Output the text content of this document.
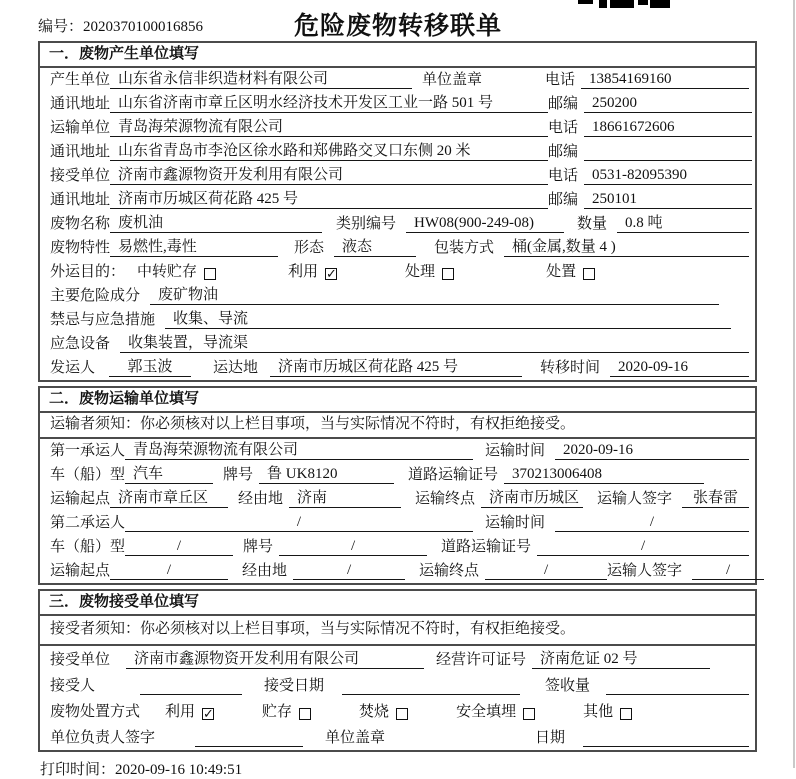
编号：2020370100016856	危险废物转移联单
一．废物产生单位填写
产生单位 山东省永信非织造材料有限公司	单位盖章	电话 13854169160
通讯地址 山东省济南市章丘区明水经济技术开发区工业一路 501 号	邮编 250200
运输单位 青岛海荣源物流有限公司	电话 18661672606
通讯地址 山东省青岛市李沧区徐水路和郑佛路交叉口东侧 20 米	邮编
接受单位 济南市鑫源物资开发利用有限公司	电话 0531-82095390
通讯地址 济南市历城区荷花路 425 号	邮编 250101
废物名称 废机油	类别编号	HW08(900-249-08)	数量	0.8 吨
废物特性 易燃性,毒性	形态	液态	包装方式	桶(金属,数量 4 )
外运目的： 中转贮存	利用	处理	处置
主要危险成分	废矿物油
禁忌与应急措施	收集、导流
应急设备	收集装置，导流渠
发运人	郭玉波	运达地	济南市历城区荷花路 425 号	转移时间	2020-09-16
二．废物运输单位填写
运输者须知：你必须核对以上栏目事项，当与实际情况不符时，有权拒绝接受。
第一承运人 青岛海荣源物流有限公司	运输时间	2020-09-16
车（船）型 汽车	牌号 鲁 UK8120	道路运输证号 370213006408
运输起点 济南市章丘区	经由地 济南	运输终点 济南市历城区 运输人签字	张春雷
第二承运人	/	运输时间	/
车（船）型	/	牌号	/	道路运输证号	/
运输起点	/	经由地	/	运输终点	/	运输人签字	/
三．废物接受单位填写
接受者须知：你必须核对以上栏目事项，当与实际情况不符时，有权拒绝接受。
接受单位	济南市鑫源物资开发利用有限公司	经营许可证号 济南危证 02 号
接受人	接受日期	签收量
废物处置方式 利用	贮存	焚烧	安全填埋	其他
单位负责人签字	单位盖章	日期
打印时间：2020-09-16 10:49:51
